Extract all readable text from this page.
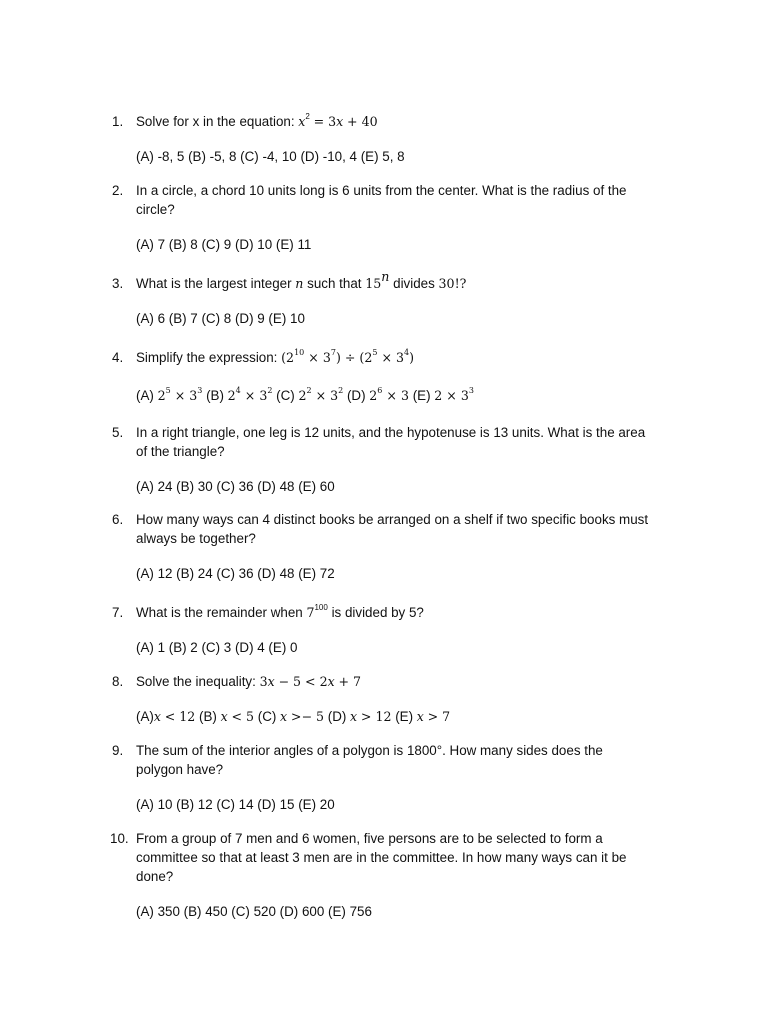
1. Solve for x in the equation: $x^2 = 3x + 40$
(A) -8, 5 (B) -5, 8 (C) -4, 10 (D) -10, 4 (E) 5, 8
2. In a circle, a chord 10 units long is 6 units from the center. What is the radius of the circle?
(A) 7 (B) 8 (C) 9 (D) 10 (E) 11
3. What is the largest integer n such that 15$^n$ divides 30!?
(A) 6 (B) 7 (C) 8 (D) 9 (E) 10
4. Simplify the expression: $(2^{10} \times 3^7) \div (2^5 \times 3^4)$
(A) $2^5 \times 3^3$ (B) $2^4 \times 3^2$ (C) $2^2 \times 3^2$ (D) $2^6 \times 3$ (E) $2 \times 3^3$
5. In a right triangle, one leg is 12 units, and the hypotenuse is 13 units. What is the area of the triangle?
(A) 24 (B) 30 (C) 36 (D) 48 (E) 60
6. How many ways can 4 distinct books be arranged on a shelf if two specific books must always be together?
(A) 12 (B) 24 (C) 36 (D) 48 (E) 72
7. What is the remainder when $7^{100}$ is divided by 5?
(A) 1 (B) 2 (C) 3 (D) 4 (E) 0
8. Solve the inequality: 3x − 5 < 2x + 7
(A)x < 12 (B) x < 5 (C) x >− 5 (D) x > 12 (E) x > 7
9. The sum of the interior angles of a polygon is 1800°. How many sides does the polygon have?
(A) 10 (B) 12 (C) 14 (D) 15 (E) 20
10. From a group of 7 men and 6 women, five persons are to be selected to form a committee so that at least 3 men are in the committee. In how many ways can it be done?
(A) 350 (B) 450 (C) 520 (D) 600 (E) 756
